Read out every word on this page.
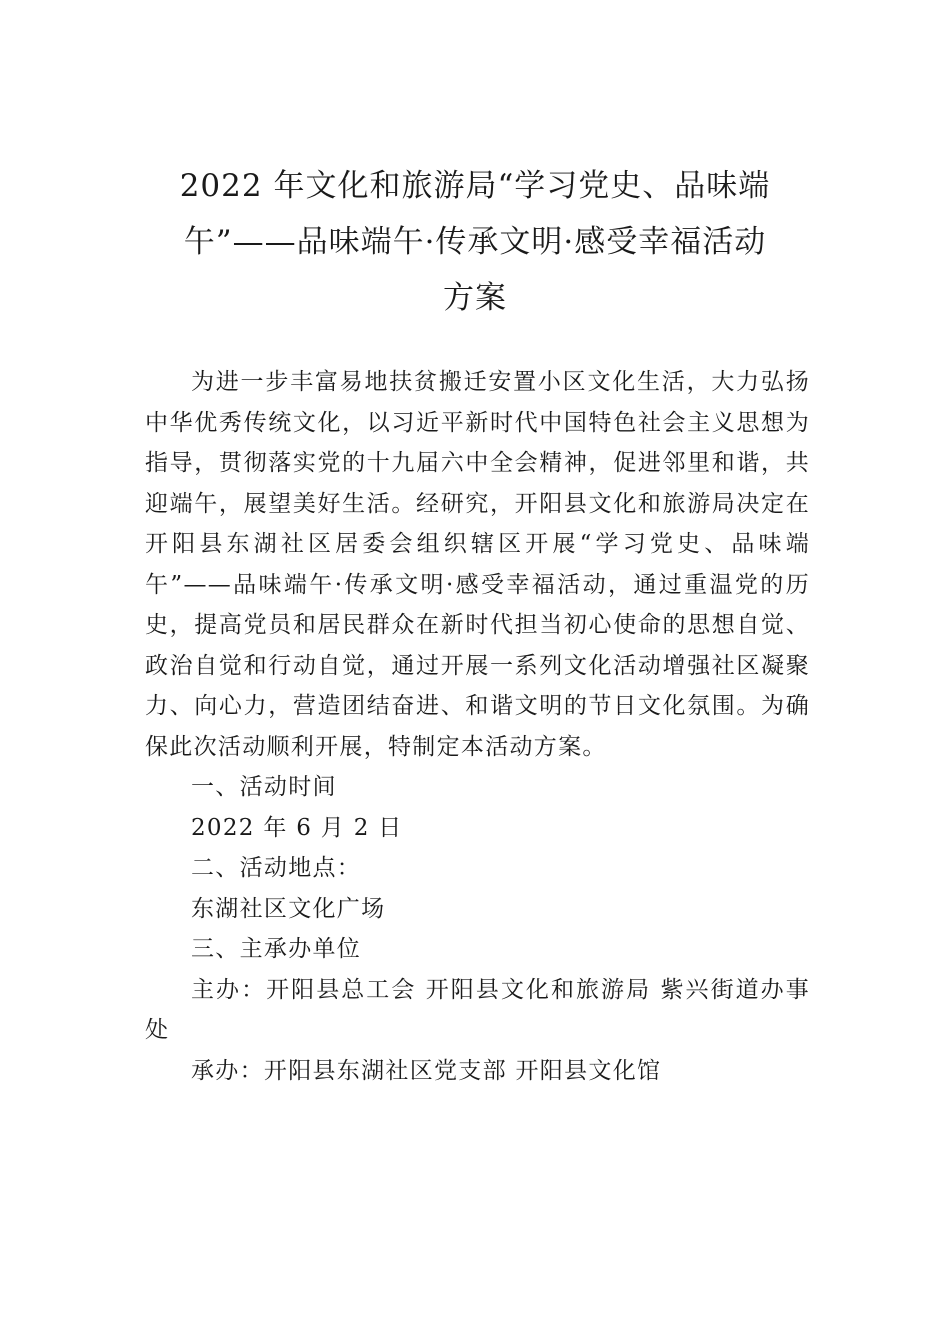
2022 年文化和旅游局“学习党史、品味端
午”——品味端午·传承文明·感受幸福活动
方案

为进一步丰富易地扶贫搬迁安置小区文化生活，大力弘扬中华优秀传统文化，以习近平新时代中国特色社会主义思想为指导，贯彻落实党的十九届六中全会精神，促进邻里和谐，共迎端午，展望美好生活。经研究，开阳县文化和旅游局决定在开阳县东湖社区居委会组织辖区开展“学习党史、品味端午”——品味端午·传承文明·感受幸福活动，通过重温党的历史，提高党员和居民群众在新时代担当初心使命的思想自觉、政治自觉和行动自觉，通过开展一系列文化活动增强社区凝聚力、向心力，营造团结奋进、和谐文明的节日文化氛围。为确保此次活动顺利开展，特制定本活动方案。

一、活动时间

2022 年 6 月 2 日

二、活动地点：

东湖社区文化广场

三、主承办单位

主办：开阳县总工会 开阳县文化和旅游局 紫兴街道办事处

承办：开阳县东湖社区党支部 开阳县文化馆
